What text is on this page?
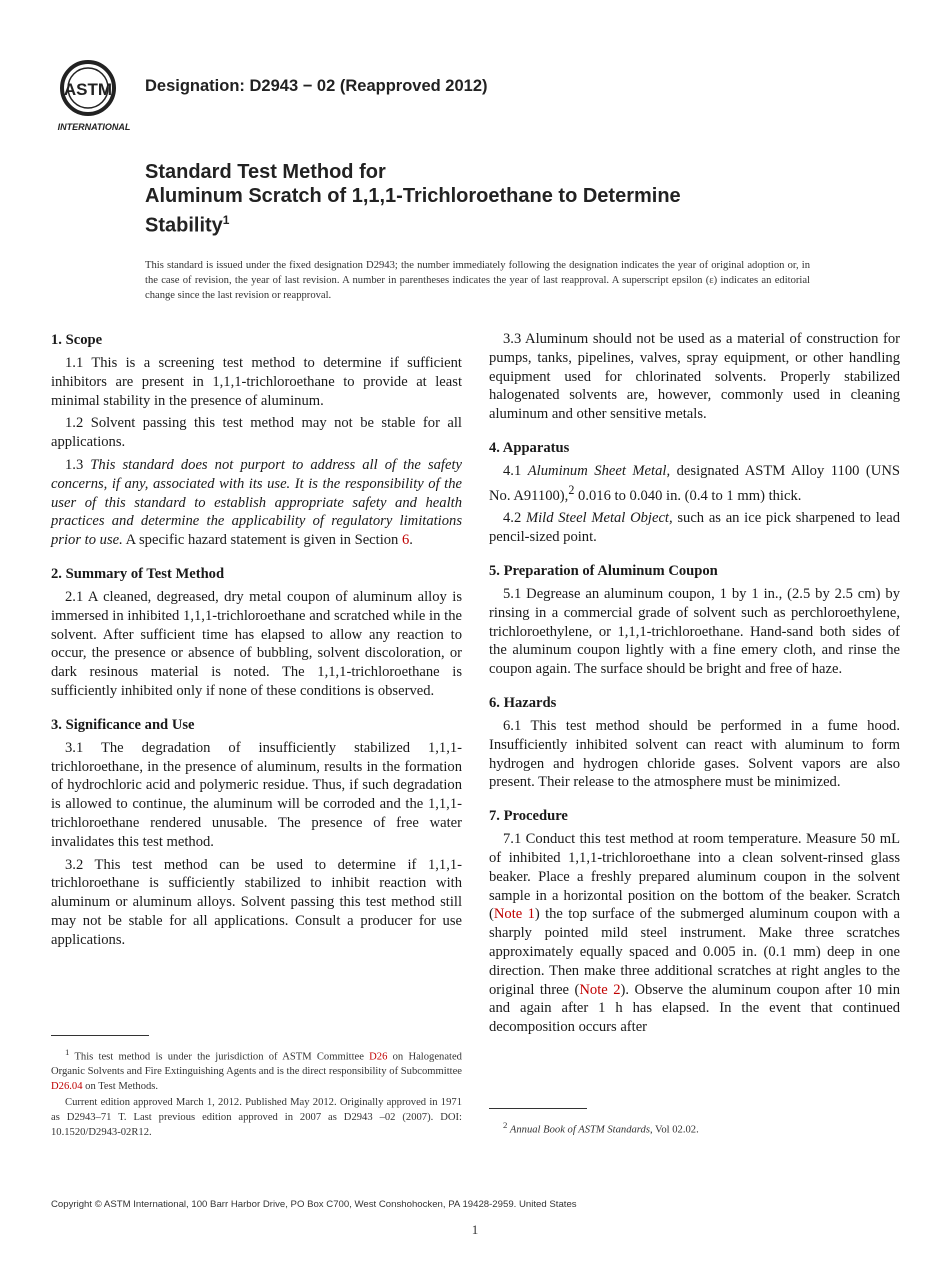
ASTM
INTERNATIONAL
Designation: D2943 − 02 (Reapproved 2012)
Standard Test Method for
Aluminum Scratch of 1,1,1-Trichloroethane to Determine
Stability$^1$
This standard is issued under the fixed designation D2943; the number immediately following the designation indicates the year of original adoption or, in the case of revision, the year of last revision. A number in parentheses indicates the year of last reapproval. A superscript epsilon (ε) indicates an editorial change since the last revision or reapproval.
1. Scope

1.1 This is a screening test method to determine if sufficient inhibitors are present in 1,1,1-trichloroethane to provide at least minimal stability in the presence of aluminum.

1.2 Solvent passing this test method may not be stable for all applications.

1.3 This standard does not purport to address all of the safety concerns, if any, associated with its use. It is the responsibility of the user of this standard to establish appropriate safety and health practices and determine the applicability of regulatory limitations prior to use. A specific hazard statement is given in Section 6.

2. Summary of Test Method

2.1 A cleaned, degreased, dry metal coupon of aluminum alloy is immersed in inhibited 1,1,1-trichloroethane and scratched while in the solvent. After sufficient time has elapsed to allow any reaction to occur, the presence or absence of bubbling, solvent discoloration, or dark resinous material is noted. The 1,1,1-trichloroethane is sufficiently inhibited only if none of these conditions is observed.

3. Significance and Use

3.1 The degradation of insufficiently stabilized 1,1,1-trichloroethane, in the presence of aluminum, results in the formation of hydrochloric acid and polymeric residue. Thus, if such degradation is allowed to continue, the aluminum will be corroded and the 1,1,1-trichloroethane rendered unusable. The presence of free water invalidates this test method.

3.2 This test method can be used to determine if 1,1,1-trichloroethane is sufficiently stabilized to inhibit reaction with aluminum or aluminum alloys. Solvent passing this test method still may not be stable for all applications. Consult a producer for use applications.

$^1$ This test method is under the jurisdiction of ASTM Committee D26 on Halogenated Organic Solvents and Fire Extinguishing Agents and is the direct responsibility of Subcommittee D26.04 on Test Methods.

Current edition approved March 1, 2012. Published May 2012. Originally approved in 1971 as D2943–71 T. Last previous edition approved in 2007 as D2943 –02 (2007). DOI: 10.1520/D2943-02R12.

3.3 Aluminum should not be used as a material of construction for pumps, tanks, pipelines, valves, spray equipment, or other handling equipment used for chlorinated solvents. Properly stabilized halogenated solvents are, however, commonly used in cleaning aluminum and other sensitive metals.

4. Apparatus

4.1 Aluminum Sheet Metal, designated ASTM Alloy 1100 (UNS No. A91100),$^2$ 0.016 to 0.040 in. (0.4 to 1 mm) thick.

4.2 Mild Steel Metal Object, such as an ice pick sharpened to lead pencil-sized point.

5. Preparation of Aluminum Coupon

5.1 Degrease an aluminum coupon, 1 by 1 in., (2.5 by 2.5 cm) by rinsing in a commercial grade of solvent such as perchloroethylene, trichloroethylene, or 1,1,1-trichloroethane. Hand-sand both sides of the aluminum coupon lightly with a fine emery cloth, and rinse the coupon again. The surface should be bright and free of haze.

6. Hazards

6.1 This test method should be performed in a fume hood. Insufficiently inhibited solvent can react with aluminum to form hydrogen and hydrogen chloride gases. Solvent vapors are also present. Their release to the atmosphere must be minimized.

7. Procedure

7.1 Conduct this test method at room temperature. Measure 50 mL of inhibited 1,1,1-trichloroethane into a clean solvent-rinsed glass beaker. Place a freshly prepared aluminum coupon in the solvent sample in a horizontal position on the bottom of the beaker. Scratch (Note 1) the top surface of the submerged aluminum coupon with a sharply pointed mild steel instrument. Make three scratches approximately equally spaced and 0.005 in. (0.1 mm) deep in one direction. Then make three additional scratches at right angles to the original three (Note 2). Observe the aluminum coupon after 10 min and again after 1 h has elapsed. In the event that continued decomposition occurs after

$^2$ Annual Book of ASTM Standards, Vol 02.02.

Copyright © ASTM International, 100 Barr Harbor Drive, PO Box C700, West Conshohocken, PA 19428-2959. United States
1
